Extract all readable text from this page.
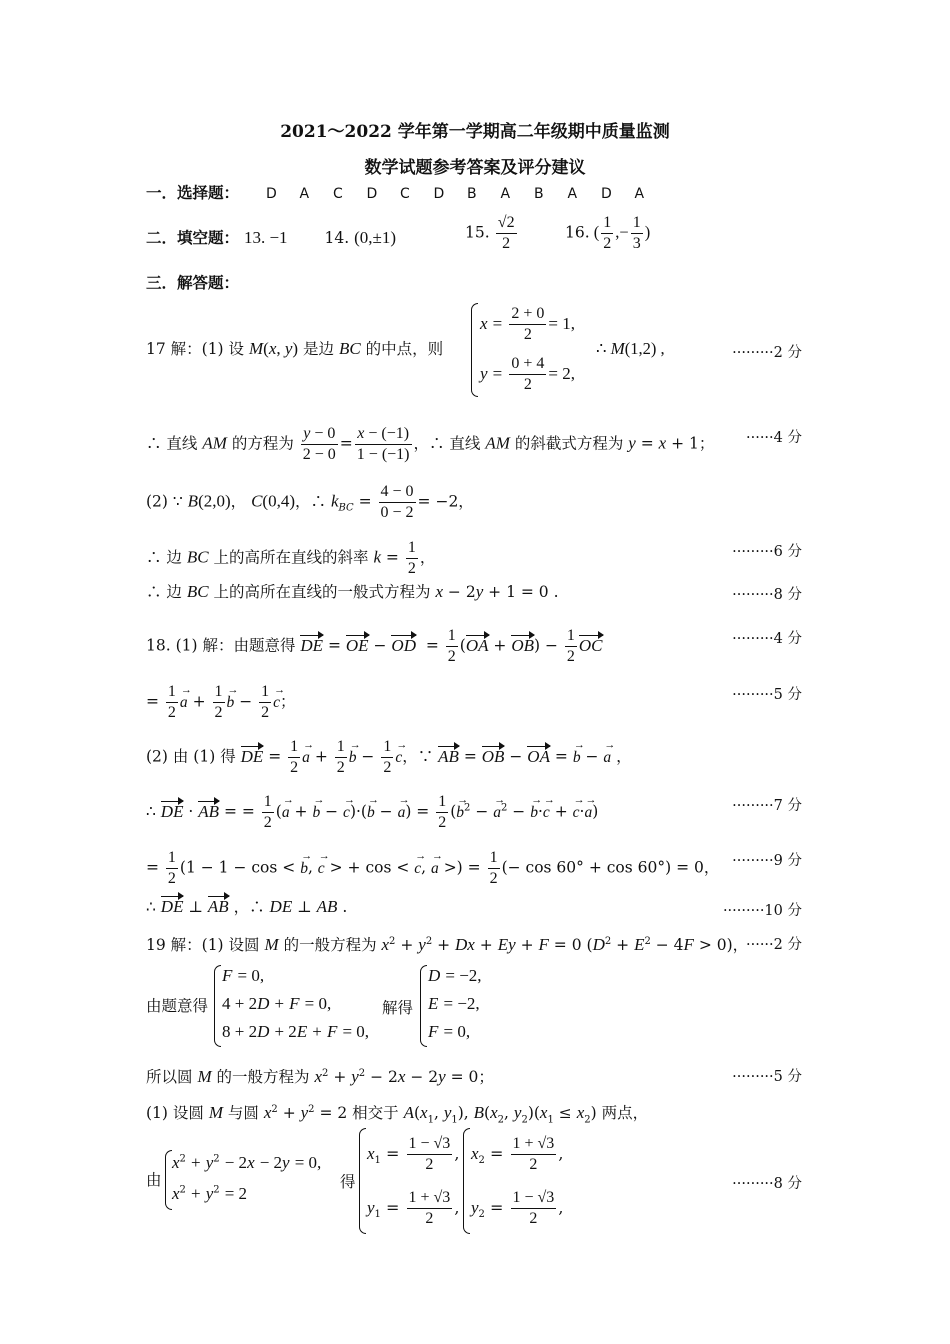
2021～2022 学年第一学期高二年级期中质量监测
数学试题参考答案及评分建议
一．选择题： D A C D C D B A B A D A
二．填空题： 13. −1 14. (0,±1)	15. $\frac{√2}{2}$	16. ( $\frac{1}{2}$ ,− $\frac{1}{3}$ )
三．解答题：
17 解：(1) 设 M(x, y) 是边 BC 的中点，则
$x = \frac{2 + 0}{2} = 1$,
$y = \frac{0 + 4}{2} = 2$,
∴ M(1,2) ,	·········2 分
∴ 直线 AM 的方程为 $\frac{y - 0}{2 - 0} = \frac{x - (-1)}{1 - (-1)}$ ，∴ 直线 AM 的斜截式方程为 y = x + 1； ······4 分
(2) ∵ B(2,0)， C(0,4)，∴ $k_{BC} = \frac{4 - 0}{0 - 2} = -2$，
∴ 边 BC 上的高所在直线的斜率 $k = \frac{1}{2}$ ，	·········6 分
∴ 边 BC 上的高所在直线的一般式方程为 x − 2y + 1 = 0 .	·········8 分
18. (1) 解：由题意得 DE = OE − OD  = $\frac{1}{2} (OA + OB) - \frac{1}{2}$ OC	·········4 分
= $\frac{1}{2}$ a → + $\frac{1}{2}$ b → − $\frac{1}{2}$ c →；	·········5 分
(2) 由 (1) 得 DE = $\frac{1}{2}$ a → + $\frac{1}{2}$ b → − $\frac{1}{2}$ c →，∵ AB = OB − OA = b → − a → ，
∴ DE · AB = = $\frac{1}{2} (a$ → + b → − c →)·(b → − a →) = $\frac{1}{2} (b \to^2 - a \to^2 - b \to\cdot c$ → + c →·a →)	·········7 分
= $\frac{1}{2} (1 - 1 - \cos < b$ →, c → > + cos < c →, a → >) = $\frac{1}{2}$ (− cos 60° + cos 60°) = 0， ·········9 分
∴ DE ⊥ AB ，∴ DE ⊥ AB .	·········10 分
19 解：(1) 设圆 M 的一般方程为 $x^2 + y^2 + Dx + Ey + F = 0$ $(D^2 + E^2 - 4F > 0)$，
······2 分
由题意得
F = 0,
4 + 2D + F = 0,
8 + 2D + 2E + F = 0,
解得
D = −2,
E = −2,
F = 0,
所以圆 M 的一般方程为 $x^2 + y^2 - 2x - 2y = 0$；	·········5 分
(1) 设圆 M 与圆 $x^2 + y^2 = 2$ 相交于 $A(x_1$, $y_1$), $B(x_2$, $y_2)(x_1 \le x_2)$ 两点，
由
$x^2 + y^2 - 2x - 2y = 0$,
$x^2 + y^2 = 2$
得
$x_1 = \frac{1 - √3}{2}$ ,
$y_1 = \frac{1 + √3}{2}$ ,
$x_2 = \frac{1 + √3}{2}$ ,
$y_2 = \frac{1 - √3}{2}$ ,
·········8 分
